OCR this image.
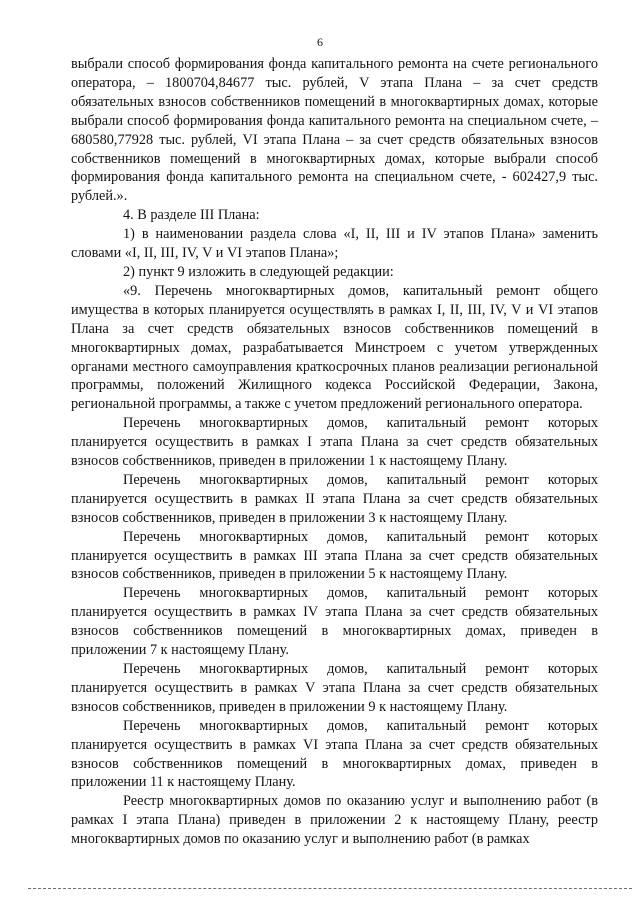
6

выбрали способ формирования фонда капитального ремонта на счете регионального оператора, – 1800704,84677 тыс. рублей, V этапа Плана – за счет средств обязательных взносов собственников помещений в многоквартирных домах, которые выбрали способ формирования фонда капитального ремонта на специальном счете, – 680580,77928 тыс. рублей, VI этапа Плана – за счет средств обязательных взносов собственников помещений в многоквартирных домах, которые выбрали способ формирования фонда капитального ремонта на специальном счете, - 602427,9 тыс. рублей.».

4. В разделе III Плана:

1) в наименовании раздела слова «I, II, III и IV этапов Плана» заменить словами «I, II, III, IV, V и VI этапов Плана»;

2) пункт 9 изложить в следующей редакции:

«9. Перечень многоквартирных домов, капитальный ремонт общего имущества в которых планируется осуществлять в рамках I, II, III, IV, V и VI этапов Плана за счет средств обязательных взносов собственников помещений в многоквартирных домах, разрабатывается Минстроем с учетом утвержденных органами местного самоуправления краткосрочных планов реализации региональной программы, положений Жилищного кодекса Российской Федерации, Закона, региональной программы, а также с учетом предложений регионального оператора.

Перечень многоквартирных домов, капитальный ремонт которых планируется осуществить в рамках I этапа Плана за счет средств обязательных взносов собственников, приведен в приложении 1 к настоящему Плану.

Перечень многоквартирных домов, капитальный ремонт которых планируется осуществить в рамках II этапа Плана за счет средств обязательных взносов собственников, приведен в приложении 3 к настоящему Плану.

Перечень многоквартирных домов, капитальный ремонт которых планируется осуществить в рамках III этапа Плана за счет средств обязательных взносов собственников, приведен в приложении 5 к настоящему Плану.

Перечень многоквартирных домов, капитальный ремонт которых планируется осуществить в рамках IV этапа Плана за счет средств обязательных взносов собственников помещений в многоквартирных домах, приведен в приложении 7 к настоящему Плану.

Перечень многоквартирных домов, капитальный ремонт которых планируется осуществить в рамках V этапа Плана за счет средств обязательных взносов собственников, приведен в приложении 9 к настоящему Плану.

Перечень многоквартирных домов, капитальный ремонт которых планируется осуществить в рамках VI этапа Плана за счет средств обязательных взносов собственников помещений в многоквартирных домах, приведен в приложении 11 к настоящему Плану.

Реестр многоквартирных домов по оказанию услуг и выполнению работ (в рамках I этапа Плана) приведен в приложении 2 к настоящему Плану, реестр многоквартирных домов по оказанию услуг и выполнению работ (в рамках
